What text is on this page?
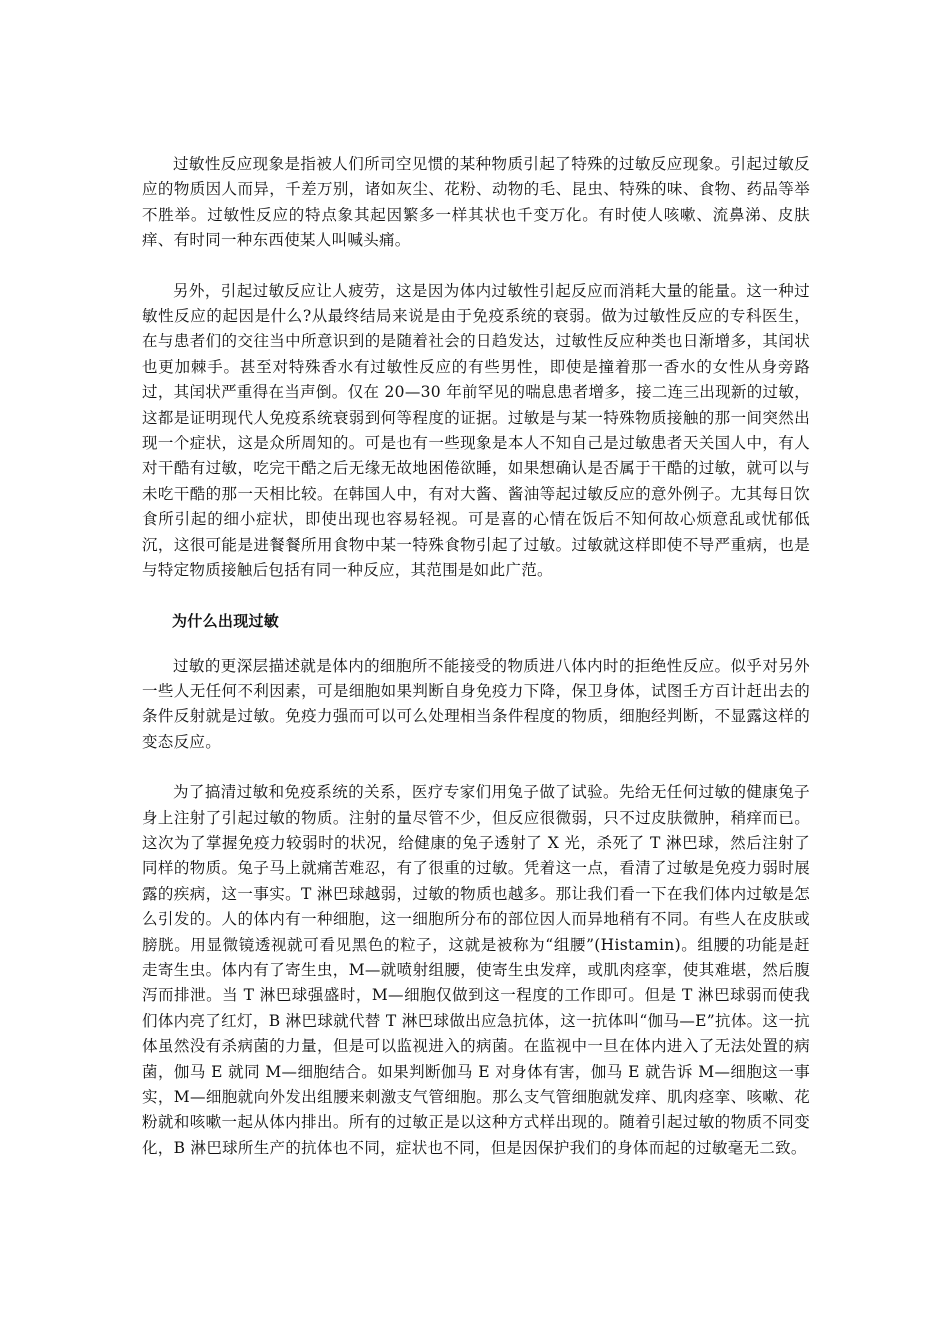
过敏性反应现象是指被人们所司空见惯的某种物质引起了特殊的过敏反应现象。引起过敏反应的物质因人而异，千差万别，诸如灰尘、花粉、动物的毛、昆虫、特殊的味、食物、药品等举不胜举。过敏性反应的特点象其起因繁多一样其状也千变万化。有时使人咳嗽、流鼻涕、皮肤痒、有时同一种东西使某人叫喊头痛。

另外，引起过敏反应让人疲劳，这是因为体内过敏性引起反应而消耗大量的能量。这一种过敏性反应的起因是什么?从最终结局来说是由于免疫系统的衰弱。做为过敏性反应的专科医生，在与患者们的交往当中所意识到的是随着社会的日趋发达，过敏性反应种类也日渐增多，其闰状也更加棘手。甚至对特殊香水有过敏性反应的有些男性，即使是撞着那一香水的女性从身旁路过，其闰状严重得在当声倒。仅在 20—30 年前罕见的喘息患者增多，接二连三出现新的过敏，这都是证明现代人免疫系统衰弱到何等程度的证据。过敏是与某一特殊物质接触的那一间突然出现一个症状，这是众所周知的。可是也有一些现象是本人不知自己是过敏患者天关国人中，有人对干酷有过敏，吃完干酷之后无缘无故地困倦欲睡，如果想确认是否属于干酷的过敏，就可以与未吃干酷的那一天相比较。在韩国人中，有对大酱、酱油等起过敏反应的意外例子。尢其每日饮食所引起的细小症状，即使出现也容易轻视。可是喜的心情在饭后不知何故心烦意乱或忧郁低沉，这很可能是进餐餐所用食物中某一特殊食物引起了过敏。过敏就这样即使不导严重病，也是与特定物质接触后包括有同一种反应，其范围是如此广范。

为什么出现过敏

过敏的更深层描述就是体内的细胞所不能接受的物质进八体内时的拒绝性反应。似乎对另外一些人无任何不利因素，可是细胞如果判断自身免疫力下降，保卫身体，试图壬方百计赶出去的条件反射就是过敏。免疫力强而可以可么处理相当条件程度的物质，细胞经判断，不显露这样的变态反应。

为了搞清过敏和免疫系统的关系，医疗专家们用兔子做了试验。先给无任何过敏的健康兔子身上注射了引起过敏的物质。注射的量尽管不少，但反应很微弱，只不过皮肤微肿，稍痒而已。这次为了掌握免疫力较弱时的状况，给健康的兔子透射了 X 光，杀死了 T 淋巴球，然后注射了同样的物质。兔子马上就痛苦难忍，有了很重的过敏。凭着这一点，看清了过敏是免疫力弱时展露的疾病，这一事实。T 淋巴球越弱，过敏的物质也越多。那让我们看一下在我们体内过敏是怎么引发的。人的体内有一种细胞，这一细胞所分布的部位因人而异地稍有不同。有些人在皮肤或膀胱。用显微镜透视就可看见黑色的粒子，这就是被称为“组腰”(Histamin)。组腰的功能是赶走寄生虫。体内有了寄生虫，M—就喷射组腰，使寄生虫发痒，或肌肉痉挛，使其难堪，然后腹泻而排泄。当 T 淋巴球强盛时，M—细胞仅做到这一程度的工作即可。但是 T 淋巴球弱而使我们体内亮了红灯，B 淋巴球就代替 T 淋巴球做出应急抗体，这一抗体叫“伽马—E”抗体。这一抗体虽然没有杀病菌的力量，但是可以监视进入的病菌。在监视中一旦在体内进入了无法处置的病菌，伽马 E 就同 M—细胞结合。如果判断伽马 E 对身体有害，伽马 E 就告诉 M—细胞这一事实，M—细胞就向外发出组腰来刺激支气管细胞。那么支气管细胞就发痒、肌肉痉挛、咳嗽、花粉就和咳嗽一起从体内排出。所有的过敏正是以这种方式样出现的。随着引起过敏的物质不同变化，B 淋巴球所生产的抗体也不同，症状也不同，但是因保护我们的身体而起的过敏毫无二致。
